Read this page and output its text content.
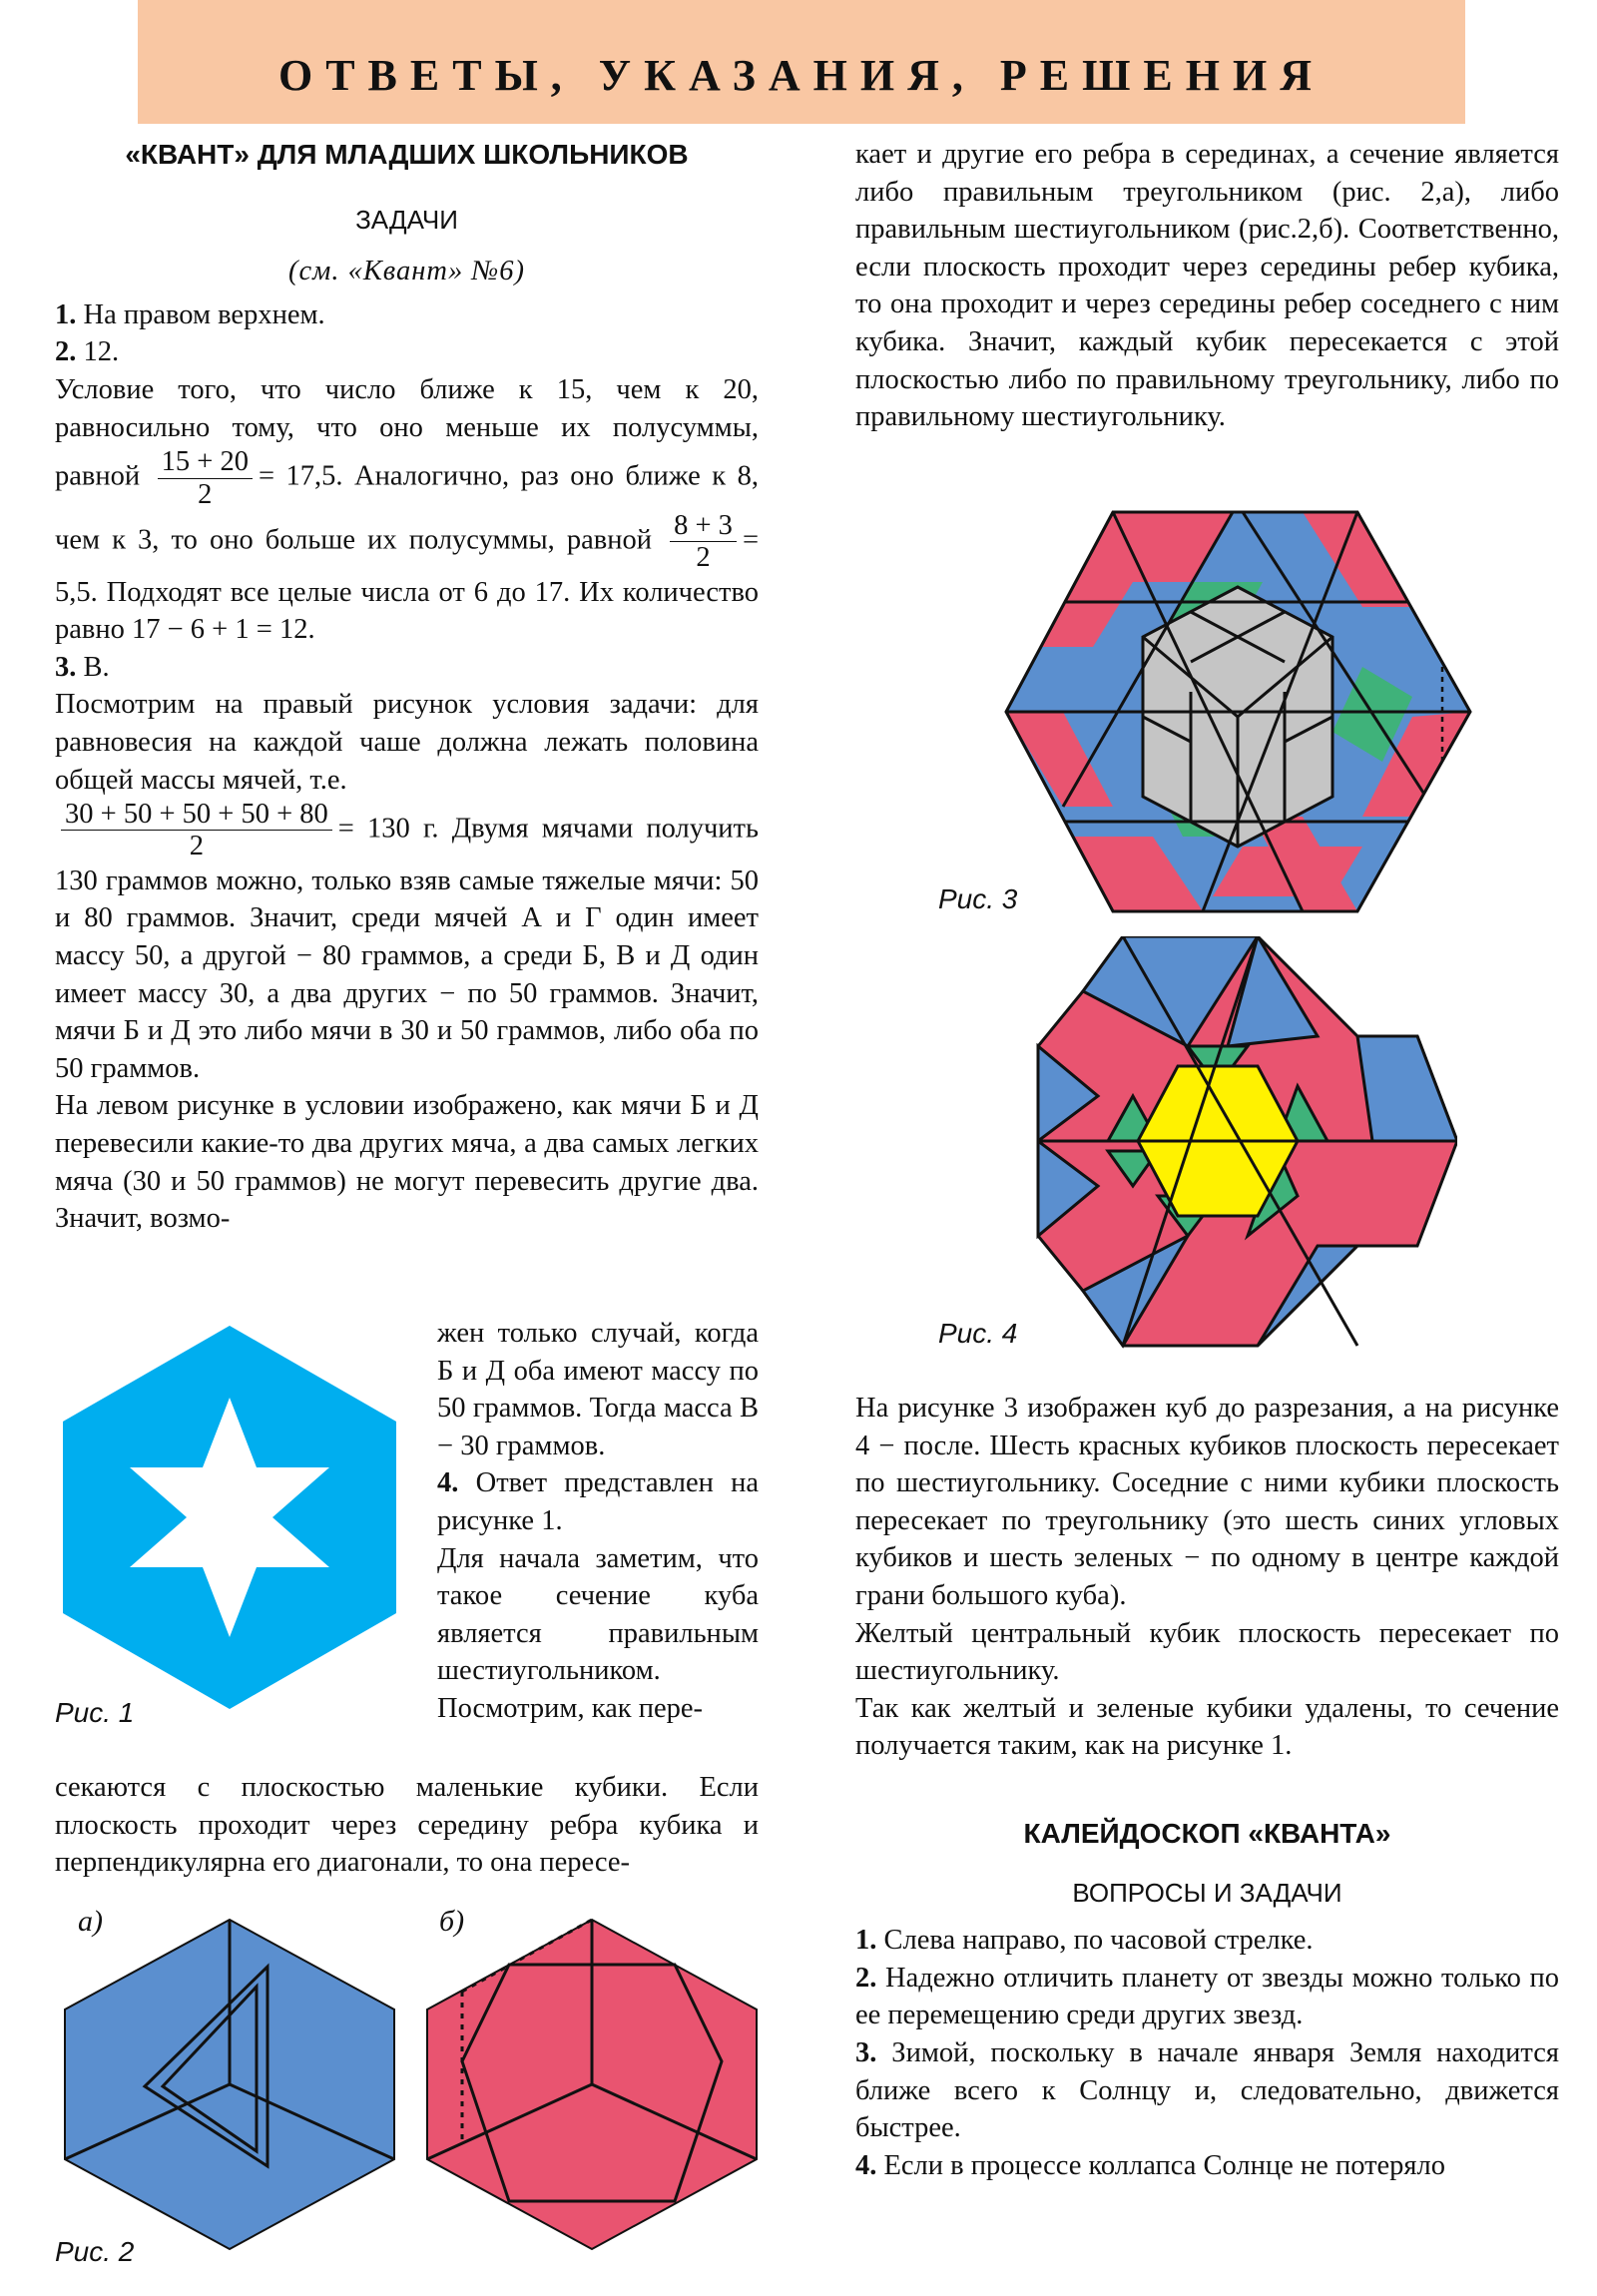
ОТВЕТЫ, УКАЗАНИЯ, РЕШЕНИЯ
«КВАНТ» ДЛЯ МЛАДШИХ ШКОЛЬНИКОВ
ЗАДАЧИ
(см. «Квант» №6)

1. На правом верхнем.

2. 12.

Условие того, что число ближе к 15, чем к 20, равносильно тому, что оно меньше их полусуммы, равной $\frac{15 + 20}{2} = 17,5$. Аналогично, раз оно ближе к 8, чем к 3, то оно больше их полусуммы, равной $\frac{8 + 3}{2} = 5,5$. Подходят все целые числа от 6 до 17. Их количество равно 17 − 6 + 1 = 12.

3. В.

Посмотрим на правый рисунок условия задачи: для равновесия на каждой чаше должна лежать половина общей массы мячей, т.е.

$\frac{30 + 50 + 50 + 50 + 80}{2} = 130$ г. Двумя мячами получить 130 граммов можно, только взяв самые тяжелые мячи: 50 и 80 граммов. Значит, среди мячей А и Г один имеет массу 50, а другой − 80 граммов, а среди Б, В и Д один имеет массу 30, а два других − по 50 граммов. Значит, мячи Б и Д это либо мячи в 30 и 50 граммов, либо оба по 50 граммов.

На левом рисунке в условии изображено, как мячи Б и Д перевесили какие-то два других мяча, а два самых легких мяча (30 и 50 граммов) не могут перевесить другие два. Значит, возмо-

Рис. 1

жен только случай, когда Б и Д оба имеют массу по 50 граммов. Тогда масса В − 30 граммов.

4. Ответ представлен на рисунке 1.

Для начала заметим, что такое сечение куба является правильным шестиугольником.

Посмотрим, как пере-

секаются с плоскостью маленькие кубики. Если плоскость проходит через середину ребра кубика и перпендикулярна его диагонали, то она пересе-

а)	б)
Рис. 2

кает и другие его ребра в серединах, а сечение является либо правильным треугольником (рис. 2,а), либо правильным шестиугольником (рис.2,б). Соответственно, если плоскость проходит через середины ребер кубика, то она проходит и через середины ребер соседнего с ним кубика. Значит, каждый кубик пересекается с этой плоскостью либо по правильному треугольнику, либо по правильному шестиугольнику.

Рис. 3
Рис. 4

На рисунке 3 изображен куб до разрезания, а на рисунке 4 − после. Шесть красных кубиков плоскость пересекает по шестиугольнику. Соседние с ними кубики плоскость пересекает по треугольнику (это шесть синих угловых кубиков и шесть зеленых − по одному в центре каждой грани большого куба).

Желтый центральный кубик плоскость пересекает по шестиугольнику.

Так как желтый и зеленые кубики удалены, то сечение получается таким, как на рисунке 1.

КАЛЕЙДОСКОП «КВАНТА»
ВОПРОСЫ И ЗАДАЧИ

1. Слева направо, по часовой стрелке.

2. Надежно отличить планету от звезды можно только по ее перемещению среди других звезд.

3. Зимой, поскольку в начале января Земля находится ближе всего к Солнцу и, следовательно, движется быстрее.

4. Если в процессе коллапса Солнце не потеряло
